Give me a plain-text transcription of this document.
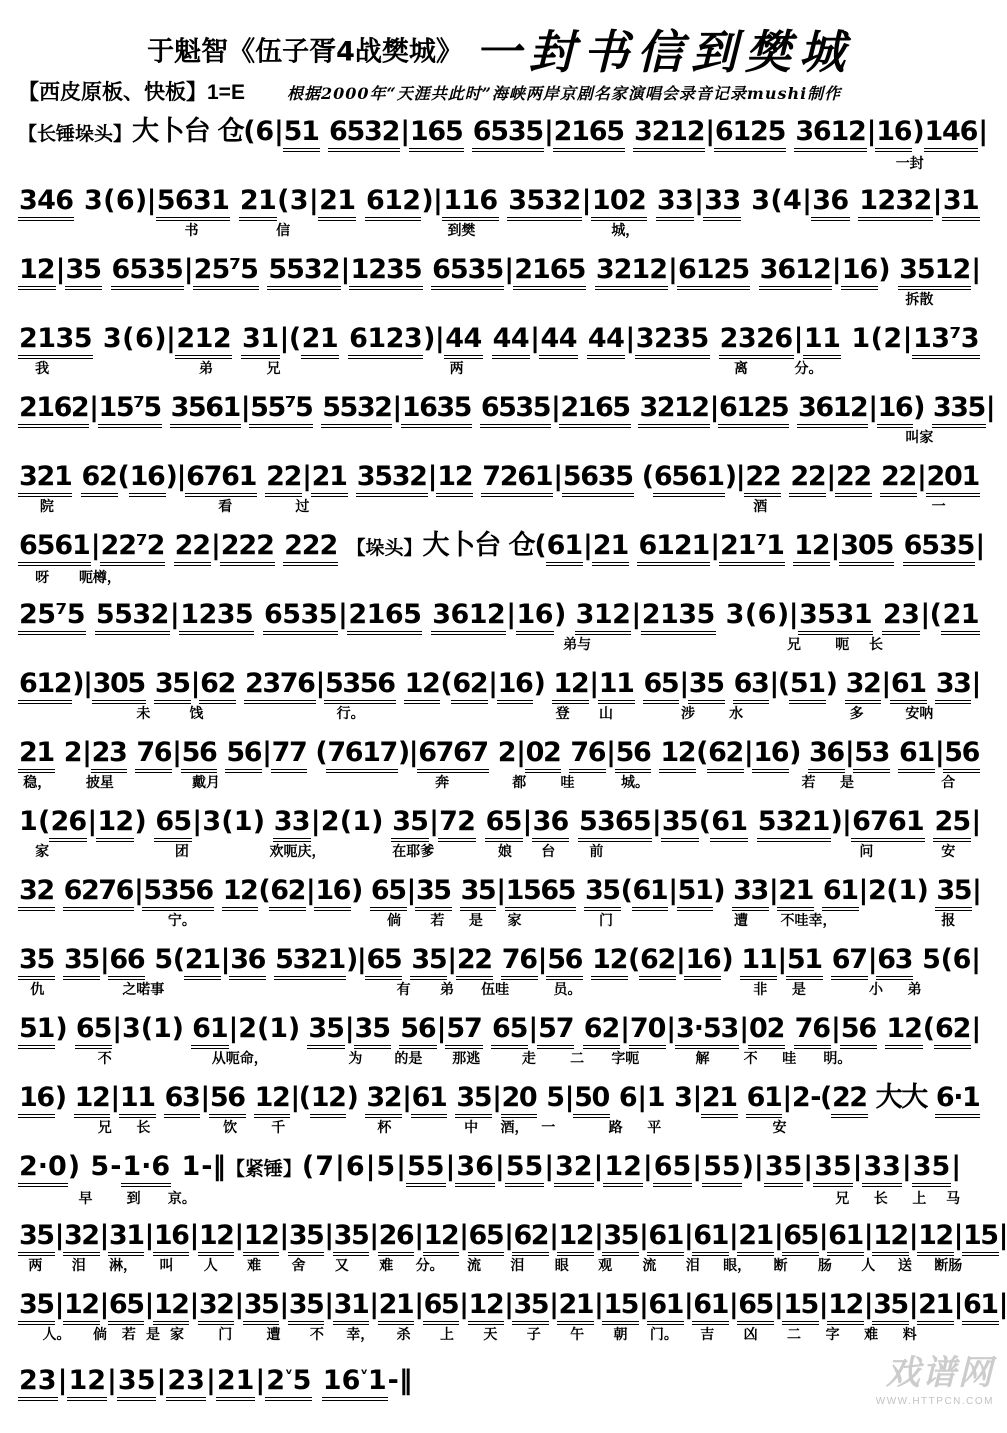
于魁智《伍子胥4战樊城》 一封书信到樊城
【西皮原板、快板】1=E	根据2000年“天涯共此时”海峡两岸京剧名家演唱会录音记录mushi制作
【长锤垛头】大卜台 仓(6|51 6532|165 6535|2165 3212|6125 3612|16)146|
一封
346 3(6)|5631 21(3|21 612)|116 3532|102 33|33 3(4|36 1232|31
书	信	到樊	城，
12|35 6535|25⁷5 5532|1235 6535|2165 3212|6125 3612|16) 3512|
拆散
2135 3(6)|212 31|(21 6123)|44 44|44 44|3235 2326|11 1(2|13⁷3
我	弟	兄	两	离	分。
2162|15⁷5 3561|55⁷5 5532|1635 6535|2165 3212|6125 3612|16) 335|
叫家
321 62(16)|6761 22|21 3532|12 7261|5635 (6561)|22 22|22 22|201
院	看	过	酒	一
6561|22⁷2 22|222 222 【垛头】大卜台 仓(61|21 6121|21⁷1 12|305 6535|
呀 呃樽，
25⁷5 5532|1235 6535|2165 3612|16) 312|2135 3(6)|3531 23|(21
弟与	兄 呃 长
612)|305 35|62 2376|5356 12(62|16) 12|11 65|35 63|(51) 32|61 33|
未	饯	行。	登 山	涉 水	多	安呐
21 2|23 76|56 56|77 (7617)|6767 2|02 76|56 12(62|16) 36|53 61|56
稳， 披星	戴月	奔	都 哇	城。	若 是	合
1(26|12) 65|3(1) 33|2(1) 35|72 65|36 5365|35(61 5321)|6761 25|
家	团	欢呃庆，	在耶爹	娘 台 前	问	安
32 6276|5356 12(62|16) 65|35 35|1565 35(61|51) 33|21 61|2(1) 35|
宁。	倘 若 是 家	门	遭 不哇幸，	报
35 35|66 5(21|36 5321)|65 35|22 76|56 12(62|16) 11|51 67|63 5(6|
仇	之喏事	有 弟 伍哇	员。	非 是	小 弟
51) 65|3(1) 61|2(1) 35|35 56|57 65|57 62|70|3·53|02 76|56 12(62|
不	从呃命，	为 的是 那逃	走 二 字呃	解 不 哇 明。
16) 12|11 63|56 12|(12) 32|61 35|20 5|50 6|1 3|21 61|2-(22 大大 6·1
兄 长	饮 千	杯	中 酒， 一	路 平	安
2·0) 5-1·6 1-‖【紧锤】(7|6|5|55|36|55|32|12|65|55)|35|35|33|35|
早 到 京。	兄 长 上 马
35|32|31|16|12|12|35|35|26|12|65|62|12|35|61|61|21|65|61|12|12|15|
两 泪 淋， 叫 人 难 舍 又 难 分。 流 泪 眼 观 流 泪 眼， 断 肠 人 送 断肠
35|12|65|12|32|35|35|31|21|65|12|35|21|15|61|61|65|15|12|35|21|61|
人。 倘 若 是 家 门 遭 不 幸， 杀 上 天 子 午 朝 门。 吉 凶 二 字 难 料
$23|12|35|23|21|2^ᵛ5$ $16^ᵛ1-‖$	戏谱网
WWW.HTTPCN.COM
